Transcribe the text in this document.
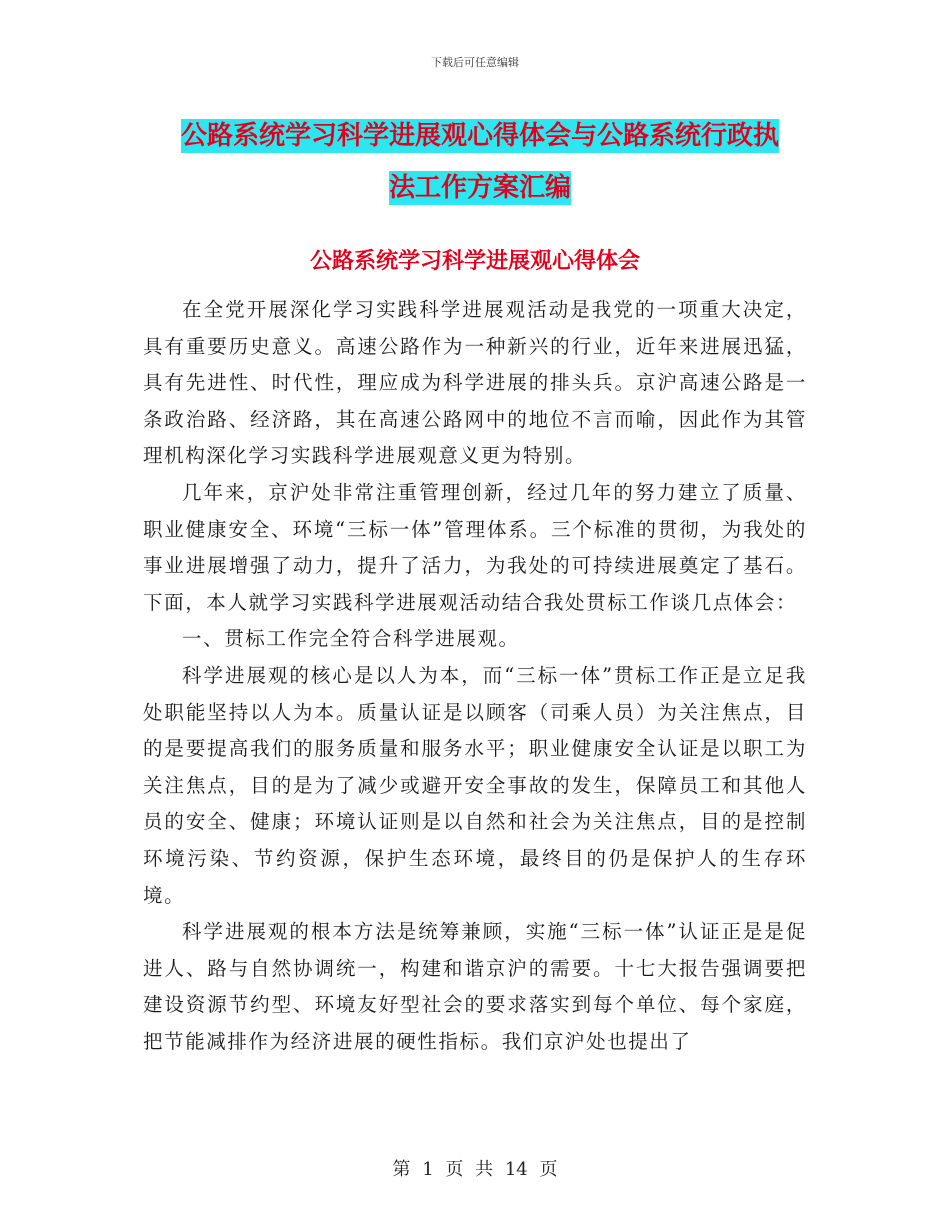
下载后可任意编辑
公路系统学习科学进展观心得体会与公路系统行政执
法工作方案汇编
公路系统学习科学进展观心得体会

在全党开展深化学习实践科学进展观活动是我党的一项重大决定，具有重要历史意义。高速公路作为一种新兴的行业，近年来进展迅猛，具有先进性、时代性，理应成为科学进展的排头兵。京沪高速公路是一条政治路、经济路，其在高速公路网中的地位不言而喻，因此作为其管理机构深化学习实践科学进展观意义更为特别。

几年来，京沪处非常注重管理创新，经过几年的努力建立了质量、职业健康安全、环境“三标一体”管理体系。三个标准的贯彻，为我处的事业进展增强了动力，提升了活力，为我处的可持续进展奠定了基石。下面，本人就学习实践科学进展观活动结合我处贯标工作谈几点体会：

一、贯标工作完全符合科学进展观。

科学进展观的核心是以人为本，而“三标一体”贯标工作正是立足我处职能坚持以人为本。质量认证是以顾客（司乘人员）为关注焦点，目的是要提高我们的服务质量和服务水平；职业健康安全认证是以职工为关注焦点，目的是为了减少或避开安全事故的发生，保障员工和其他人员的安全、健康；环境认证则是以自然和社会为关注焦点，目的是控制环境污染、节约资源，保护生态环境，最终目的仍是保护人的生存环境。

科学进展观的根本方法是统筹兼顾，实施“三标一体”认证正是是促进人、路与自然协调统一，构建和谐京沪的需要。十七大报告强调要把建设资源节约型、环境友好型社会的要求落实到每个单位、每个家庭，把节能减排作为经济进展的硬性指标。我们京沪处也提出了

第 1 页 共 14 页
